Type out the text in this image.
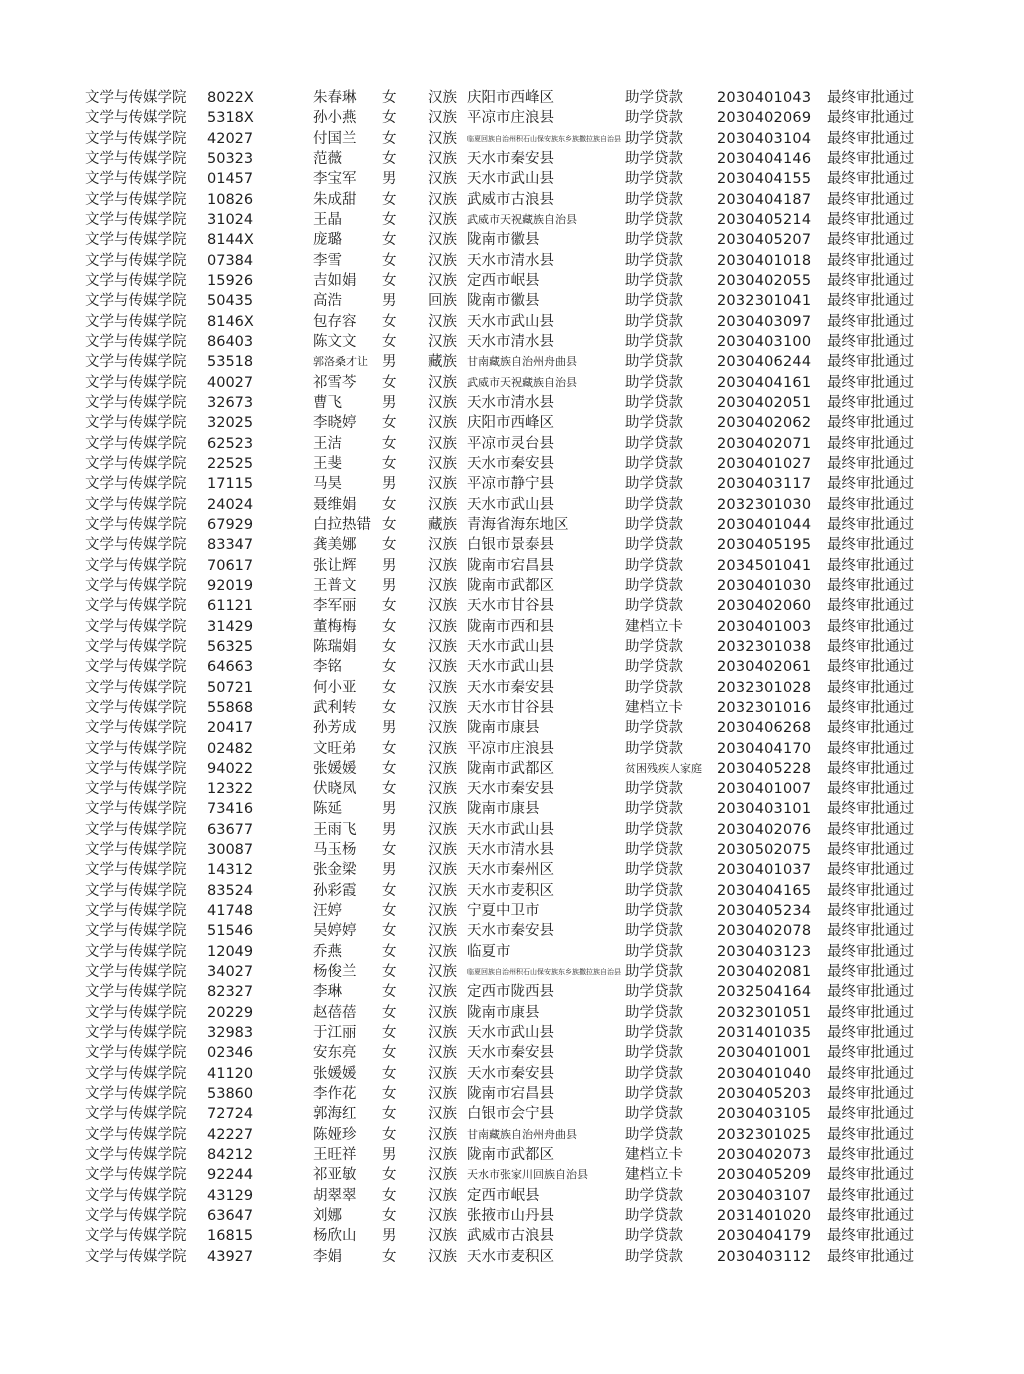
文学与传媒学院	8022X	朱春琳	女	汉族 庆阳市西峰区	助学贷款	2030401043	最终审批通过
文学与传媒学院	5318X	孙小燕	女	汉族 平凉市庄浪县	助学贷款	2030402069	最终审批通过
文学与传媒学院	42027	付国兰	女	汉族	临夏回族自治州积石山保安族东乡族撒拉族自治县 助学贷款	2030403104	最终审批通过
文学与传媒学院	50323	范薇	女	汉族 天水市秦安县	助学贷款	2030404146	最终审批通过
文学与传媒学院	01457	李宝军	男	汉族 天水市武山县	助学贷款	2030404155	最终审批通过
文学与传媒学院	10826	朱成甜	女	汉族 武威市古浪县	助学贷款	2030404187	最终审批通过
文学与传媒学院	31024	王晶	女	汉族 武威市天祝藏族自治县	助学贷款	2030405214	最终审批通过
文学与传媒学院	8144X	庞璐	女	汉族 陇南市徽县	助学贷款	2030405207	最终审批通过
文学与传媒学院	07384	李雪	女	汉族 天水市清水县	助学贷款	2030401018	最终审批通过
文学与传媒学院	15926	吉如娟	女	汉族 定西市岷县	助学贷款	2030402055	最终审批通过
文学与传媒学院	50435	高浩	男	回族 陇南市徽县	助学贷款	2032301041	最终审批通过
文学与传媒学院	8146X	包存容	女	汉族 天水市武山县	助学贷款	2030403097	最终审批通过
文学与传媒学院	86403	陈文文	女	汉族 天水市清水县	助学贷款	2030403100	最终审批通过
文学与传媒学院	53518	郭洛桑才让 男	藏族 甘南藏族自治州舟曲县	助学贷款	2030406244	最终审批通过
文学与传媒学院	40027	祁雪芩	女	汉族 武威市天祝藏族自治县	助学贷款	2030404161	最终审批通过
文学与传媒学院	32673	曹飞	男	汉族 天水市清水县	助学贷款	2030402051	最终审批通过
文学与传媒学院	32025	李晓婷	女	汉族 庆阳市西峰区	助学贷款	2030402062	最终审批通过
文学与传媒学院	62523	王洁	女	汉族 平凉市灵台县	助学贷款	2030402071	最终审批通过
文学与传媒学院	22525	王斐	女	汉族 天水市秦安县	助学贷款	2030401027	最终审批通过
文学与传媒学院	17115	马昊	男	汉族 平凉市静宁县	助学贷款	2030403117	最终审批通过
文学与传媒学院	24024	聂维娟	女	汉族 天水市武山县	助学贷款	2032301030	最终审批通过
文学与传媒学院	67929	白拉热错 女	藏族 青海省海东地区	助学贷款	2030401044	最终审批通过
文学与传媒学院	83347	龚美娜	女	汉族 白银市景泰县	助学贷款	2030405195	最终审批通过
文学与传媒学院	70617	张让辉	男	汉族 陇南市宕昌县	助学贷款	2034501041	最终审批通过
文学与传媒学院	92019	王普文	男	汉族 陇南市武都区	助学贷款	2030401030	最终审批通过
文学与传媒学院	61121	李军丽	女	汉族 天水市甘谷县	助学贷款	2030402060	最终审批通过
文学与传媒学院	31429	董梅梅	女	汉族 陇南市西和县	建档立卡	2030401003	最终审批通过
文学与传媒学院	56325	陈瑞娟	女	汉族 天水市武山县	助学贷款	2032301038	最终审批通过
文学与传媒学院	64663	李铭	女	汉族 天水市武山县	助学贷款	2030402061	最终审批通过
文学与传媒学院	50721	何小亚	女	汉族 天水市秦安县	助学贷款	2032301028	最终审批通过
文学与传媒学院	55868	武利转	女	汉族 天水市甘谷县	建档立卡	2032301016	最终审批通过
文学与传媒学院	20417	孙芳成	男	汉族 陇南市康县	助学贷款	2030406268	最终审批通过
文学与传媒学院	02482	文旺弟	女	汉族 平凉市庄浪县	助学贷款	2030404170	最终审批通过
文学与传媒学院	94022	张媛媛	女	汉族 陇南市武都区	贫困残疾人家庭	2030405228	最终审批通过
文学与传媒学院	12322	伏晓凤	女	汉族 天水市秦安县	助学贷款	2030401007	最终审批通过
文学与传媒学院	73416	陈延	男	汉族 陇南市康县	助学贷款	2030403101	最终审批通过
文学与传媒学院	63677	王雨飞	男	汉族 天水市武山县	助学贷款	2030402076	最终审批通过
文学与传媒学院	30087	马玉杨	女	汉族 天水市清水县	助学贷款	2030502075	最终审批通过
文学与传媒学院	14312	张金梁	男	汉族 天水市秦州区	助学贷款	2030401037	最终审批通过
文学与传媒学院	83524	孙彩霞	女	汉族 天水市麦积区	助学贷款	2030404165	最终审批通过
文学与传媒学院	41748	汪婷	女	汉族 宁夏中卫市	助学贷款	2030405234	最终审批通过
文学与传媒学院	51546	吴婷婷	女	汉族 天水市秦安县	助学贷款	2030402078	最终审批通过
文学与传媒学院	12049	乔燕	女	汉族 临夏市	助学贷款	2030403123	最终审批通过
文学与传媒学院	34027	杨俊兰	女	汉族	临夏回族自治州积石山保安族东乡族撒拉族自治县 助学贷款	2030402081	最终审批通过
文学与传媒学院	82327	李琳	女	汉族 定西市陇西县	助学贷款	2032504164	最终审批通过
文学与传媒学院	20229	赵蓓蓓	女	汉族 陇南市康县	助学贷款	2032301051	最终审批通过
文学与传媒学院	32983	于江丽	女	汉族 天水市武山县	助学贷款	2031401035	最终审批通过
文学与传媒学院	02346	安东亮	女	汉族 天水市秦安县	助学贷款	2030401001	最终审批通过
文学与传媒学院	41120	张媛媛	女	汉族 天水市秦安县	助学贷款	2030401040	最终审批通过
文学与传媒学院	53860	李作花	女	汉族 陇南市宕昌县	助学贷款	2030405203	最终审批通过
文学与传媒学院	72724	郭海红	女	汉族 白银市会宁县	助学贷款	2030403105	最终审批通过
文学与传媒学院	42227	陈娅珍	女	汉族 甘南藏族自治州舟曲县	助学贷款	2032301025	最终审批通过
文学与传媒学院	84212	王旺祥	男	汉族 陇南市武都区	建档立卡	2030402073	最终审批通过
文学与传媒学院	92244	祁亚敏	女	汉族 天水市张家川回族自治县	建档立卡	2030405209	最终审批通过
文学与传媒学院	43129	胡翠翠	女	汉族 定西市岷县	助学贷款	2030403107	最终审批通过
文学与传媒学院	63647	刘娜	女	汉族 张掖市山丹县	助学贷款	2031401020	最终审批通过
文学与传媒学院	16815	杨欣山	男	汉族 武威市古浪县	助学贷款	2030404179	最终审批通过
文学与传媒学院	43927	李娟	女	汉族 天水市麦积区	助学贷款	2030403112	最终审批通过
